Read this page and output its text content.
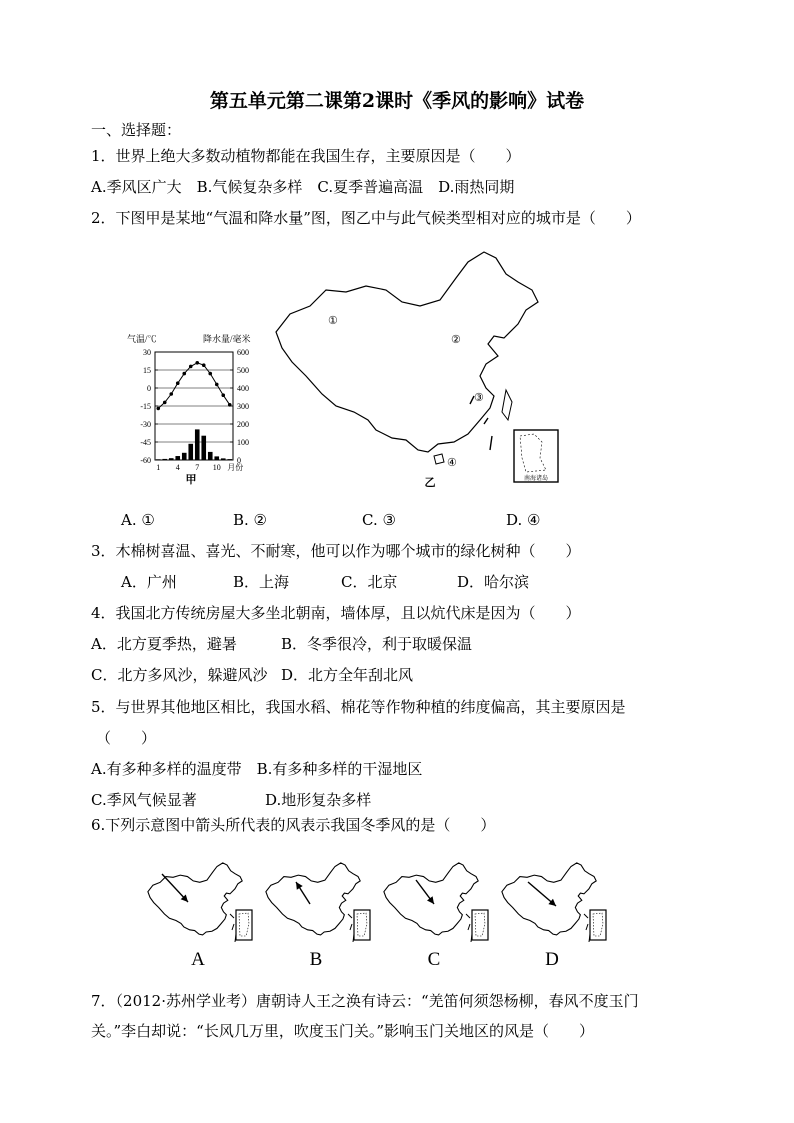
第五单元第二课第2课时《季风的影响》试卷
一、选择题：
1．世界上绝大多数动植物都能在我国生存，主要原因是（　　）
A.季风区广大　B.气候复杂多样　C.夏季普遍高温　D.雨热同期
2．下图甲是某地“气温和降水量”图，图乙中与此气候类型相对应的城市是（　　）
气温/℃	降水量/毫米
30
15
0
-15
-30
-45
-60
600
500
400
300
200
100
0
1 4 7 10 月份
甲	南海诸岛
①
②
③
④
乙
A. ①	B. ②	C. ③	D. ④
3．木棉树喜温、喜光、不耐寒，他可以作为哪个城市的绿化树种（　　）
A．广州	B．上海	C．北京	D．哈尔滨
4．我国北方传统房屋大多坐北朝南，墙体厚，且以炕代床是因为（　　）
A．北方夏季热，避暑	B．冬季很冷，利于取暖保温
C．北方多风沙，躲避风沙 D．北方全年刮北风
5．与世界其他地区相比，我国水稻、棉花等作物种植的纬度偏高，其主要原因是
（　　）
A.有多种多样的温度带　B.有多种多样的干湿地区
C.季风气候显著	D.地形复杂多样
6.下列示意图中箭头所代表的风表示我国冬季风的是（　　）
A	B	C	D
7．（2012·苏州学业考）唐朝诗人王之涣有诗云：“羌笛何须怨杨柳，春风不度玉门
关。”李白却说：“长风几万里，吹度玉门关。”影响玉门关地区的风是（　　）
